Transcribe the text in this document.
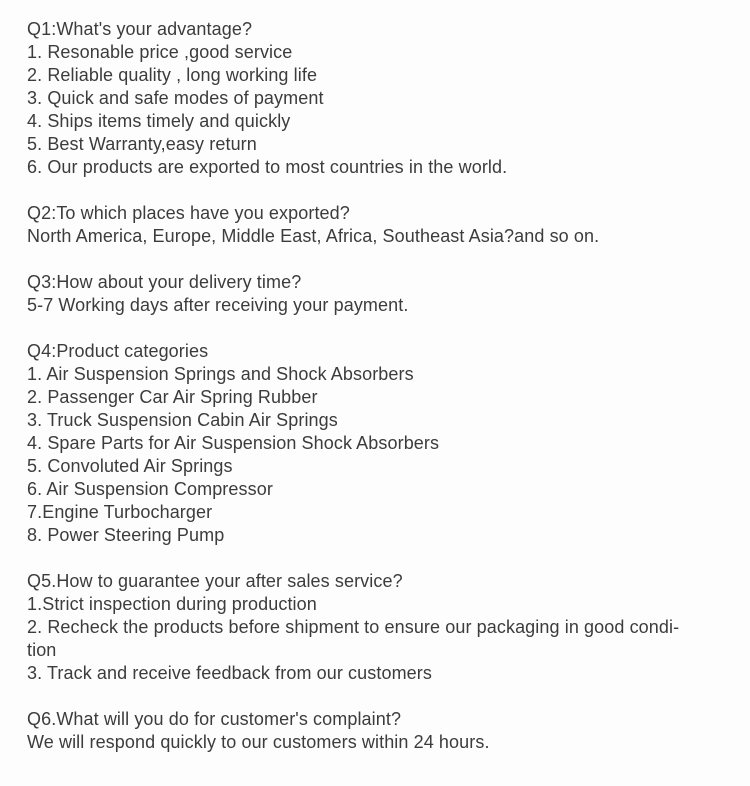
Q1:What's your advantage?
1. Resonable price ,good service
2. Reliable quality , long working life
3. Quick and safe modes of payment
4. Ships items timely and quickly
5. Best Warranty,easy return
6. Our products are exported to most countries in the world.
Q2:To which places have you exported?
North America, Europe, Middle East, Africa, Southeast Asia?and so on.
Q3:How about your delivery time?
5-7 Working days after receiving your payment.
Q4:Product categories
1. Air Suspension Springs and Shock Absorbers
2. Passenger Car Air Spring Rubber
3. Truck Suspension Cabin Air Springs
4. Spare Parts for Air Suspension Shock Absorbers
5. Convoluted Air Springs
6. Air Suspension Compressor
7.Engine Turbocharger
8. Power Steering Pump
Q5.How to guarantee your after sales service?
1.Strict inspection during production
2. Recheck the products before shipment to ensure our packaging in good condi-
tion
3. Track and receive feedback from our customers
Q6.What will you do for customer's complaint?
We will respond quickly to our customers within 24 hours.
